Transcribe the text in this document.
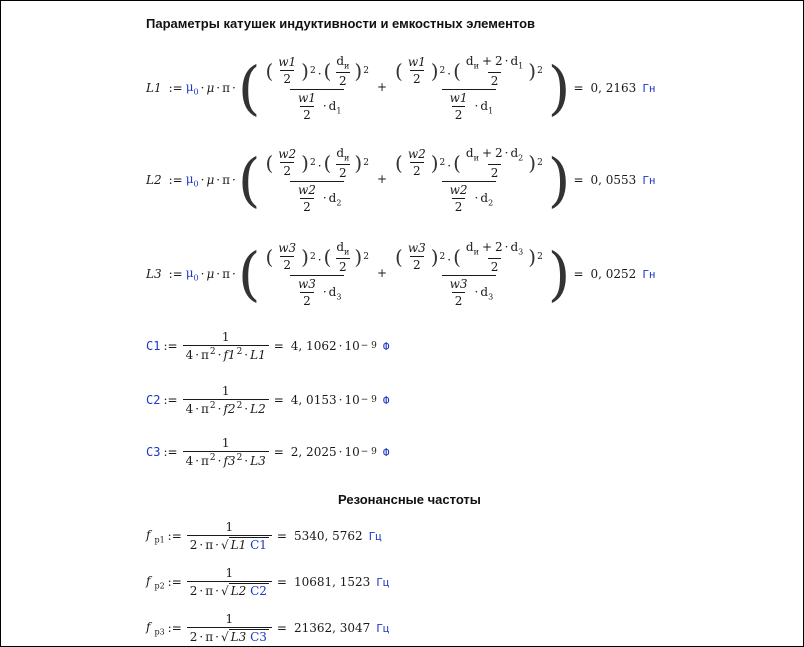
Параметры катушек индуктивности и емкостных элементов
L1 := $\mu_0 \cdot \mu \cdot \pi$ · ( $\frac{( \frac{w1}{2} ) ^2 \cdot ( \frac{d_и}{2} ) ^2}{\frac{w1}{2} \cdot d_1} + \frac{( \frac{w1}{2} ) ^2 \cdot ( \frac{d_и + 2 \cdot d_1}{2} ) ^2}{\frac{w1}{2} \cdot d_1}$ ) = 0, 2163 Гн
L2 := $\mu_0 \cdot \mu \cdot \pi$ · ( $\frac{( \frac{w2}{2} ) ^2 \cdot ( \frac{d_и}{2} ) ^2}{\frac{w2}{2} \cdot d_2} + \frac{( \frac{w2}{2} ) ^2 \cdot ( \frac{d_и + 2 \cdot d_2}{2} ) ^2}{\frac{w2}{2} \cdot d_2}$ ) = 0, 0553 Гн
L3 := $\mu_0 \cdot \mu \cdot \pi$ · ( $\frac{( \frac{w3}{2} ) ^2 \cdot ( \frac{d_и}{2} ) ^2}{\frac{w3}{2} \cdot d_3} + \frac{( \frac{w3}{2} ) ^2 \cdot ( \frac{d_и + 2 \cdot d_3}{2} ) ^2}{\frac{w3}{2} \cdot d_3}$ ) = 0, 0252 Гн
C1 := $\frac{1}{4 \cdot \pi^2 \cdot f1^2 \cdot L1} = 4$, 1062 · 10 − 9 Ф
C2 := $\frac{1}{4 \cdot \pi^2 \cdot f2^2 \cdot L2} = 4$, 0153 · 10 − 9 Ф
C3 := $\frac{1}{4 \cdot \pi^2 \cdot f3^2 \cdot L3} = 2$, 2025 · 10 − 9 Ф
Резонансные частоты
f $_{p1}$ := $\frac{1}{2 \cdot \pi \cdot √ L1 C1} = 5340$, 5762 Гц
f $_{p2}$ := $\frac{1}{2 \cdot \pi \cdot √ L2 C2} = 10681$, 1523 Гц
f $_{p3}$ := $\frac{1}{2 \cdot \pi \cdot √ L3 C3} = 21362$, 3047 Гц
